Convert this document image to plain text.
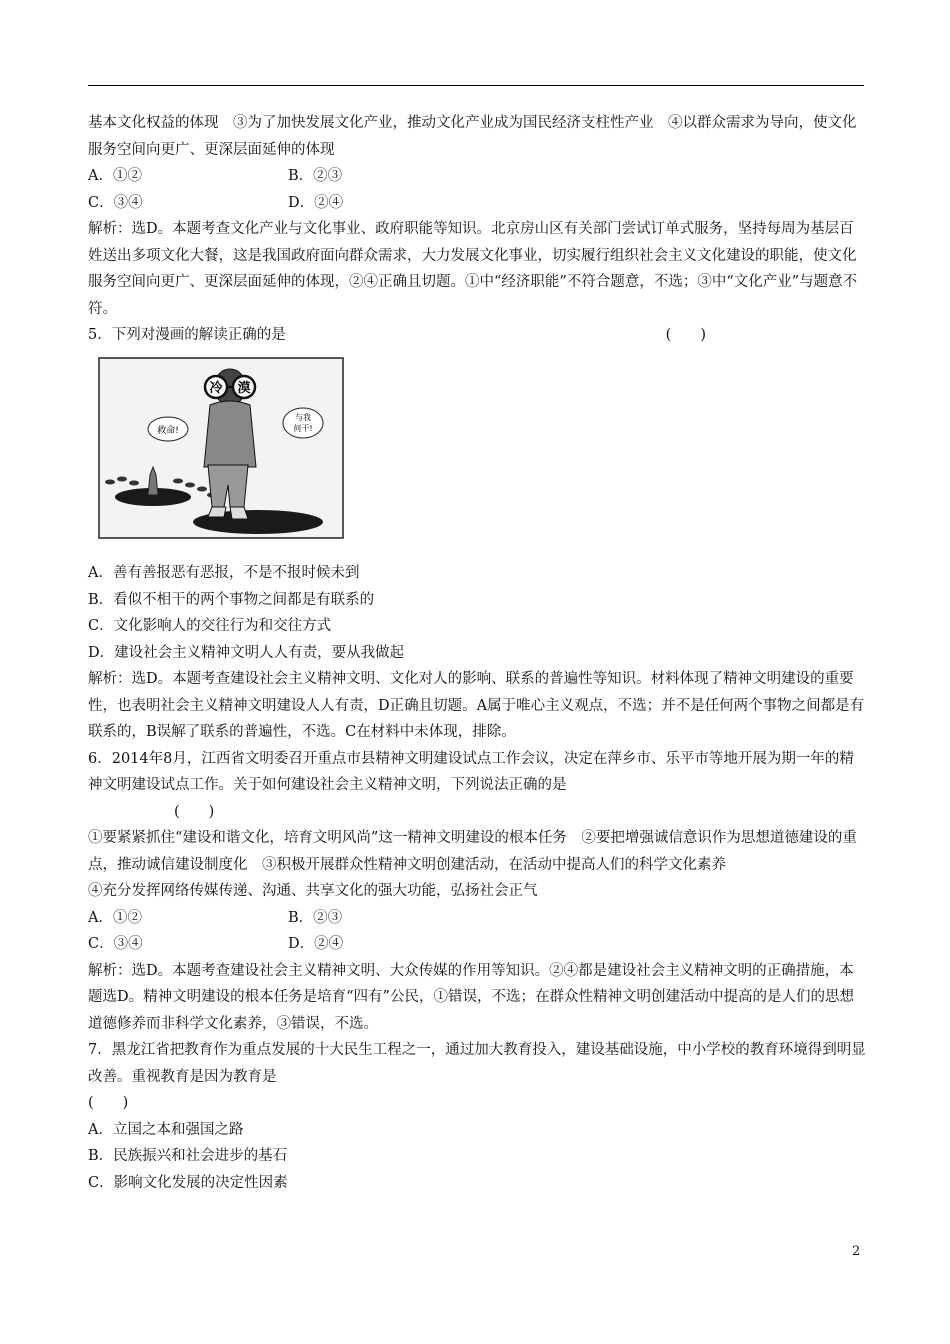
基本文化权益的体现　③为了加快发展文化产业，推动文化产业成为国民经济支柱性产业　④以群众需求为导向，使文化服务空间向更广、更深层面延伸的体现

A．①②	B．②③
C．③④	D．②④

解析：选D。本题考查文化产业与文化事业、政府职能等知识。北京房山区有关部门尝试订单式服务，坚持每周为基层百姓送出多项文化大餐，这是我国政府面向群众需求，大力发展文化事业，切实履行组织社会主义文化建设的职能，使文化服务空间向更广、更深层面延伸的体现，②④正确且切题。①中“经济职能”不符合题意，不选；③中“文化产业”与题意不符。

5．下列对漫画的解读正确的是	(　　)
救命!
与我
何干!
冷 漠

A．善有善报恶有恶报，不是不报时候未到

B．看似不相干的两个事物之间都是有联系的

C．文化影响人的交往行为和交往方式

D．建设社会主义精神文明人人有责，要从我做起

解析：选D。本题考查建设社会主义精神文明、文化对人的影响、联系的普遍性等知识。材料体现了精神文明建设的重要性，也表明社会主义精神文明建设人人有责，D正确且切题。A属于唯心主义观点，不选；并不是任何两个事物之间都是有联系的，B误解了联系的普遍性，不选。C在材料中未体现，排除。

6．2014年8月，江西省文明委召开重点市县精神文明建设试点工作会议，决定在萍乡市、乐平市等地开展为期一年的精神文明建设试点工作。关于如何建设社会主义精神文明，下列说法正确的是

(　　)

①要紧紧抓住“建设和谐文化，培育文明风尚”这一精神文明建设的根本任务　②要把增强诚信意识作为思想道德建设的重点，推动诚信建设制度化　③积极开展群众性精神文明创建活动，在活动中提高人们的科学文化素养

④充分发挥网络传媒传递、沟通、共享文化的强大功能，弘扬社会正气

A．①②	B．②③
C．③④	D．②④

解析：选D。本题考查建设社会主义精神文明、大众传媒的作用等知识。②④都是建设社会主义精神文明的正确措施，本题选D。精神文明建设的根本任务是培育“四有”公民，①错误，不选；在群众性精神文明创建活动中提高的是人们的思想道德修养而非科学文化素养，③错误，不选。

7．黑龙江省把教育作为重点发展的十大民生工程之一，通过加大教育投入，建设基础设施，中小学校的教育环境得到明显改善。重视教育是因为教育是

(　　)

A．立国之本和强国之路

B．民族振兴和社会进步的基石

C．影响文化发展的决定性因素

2
